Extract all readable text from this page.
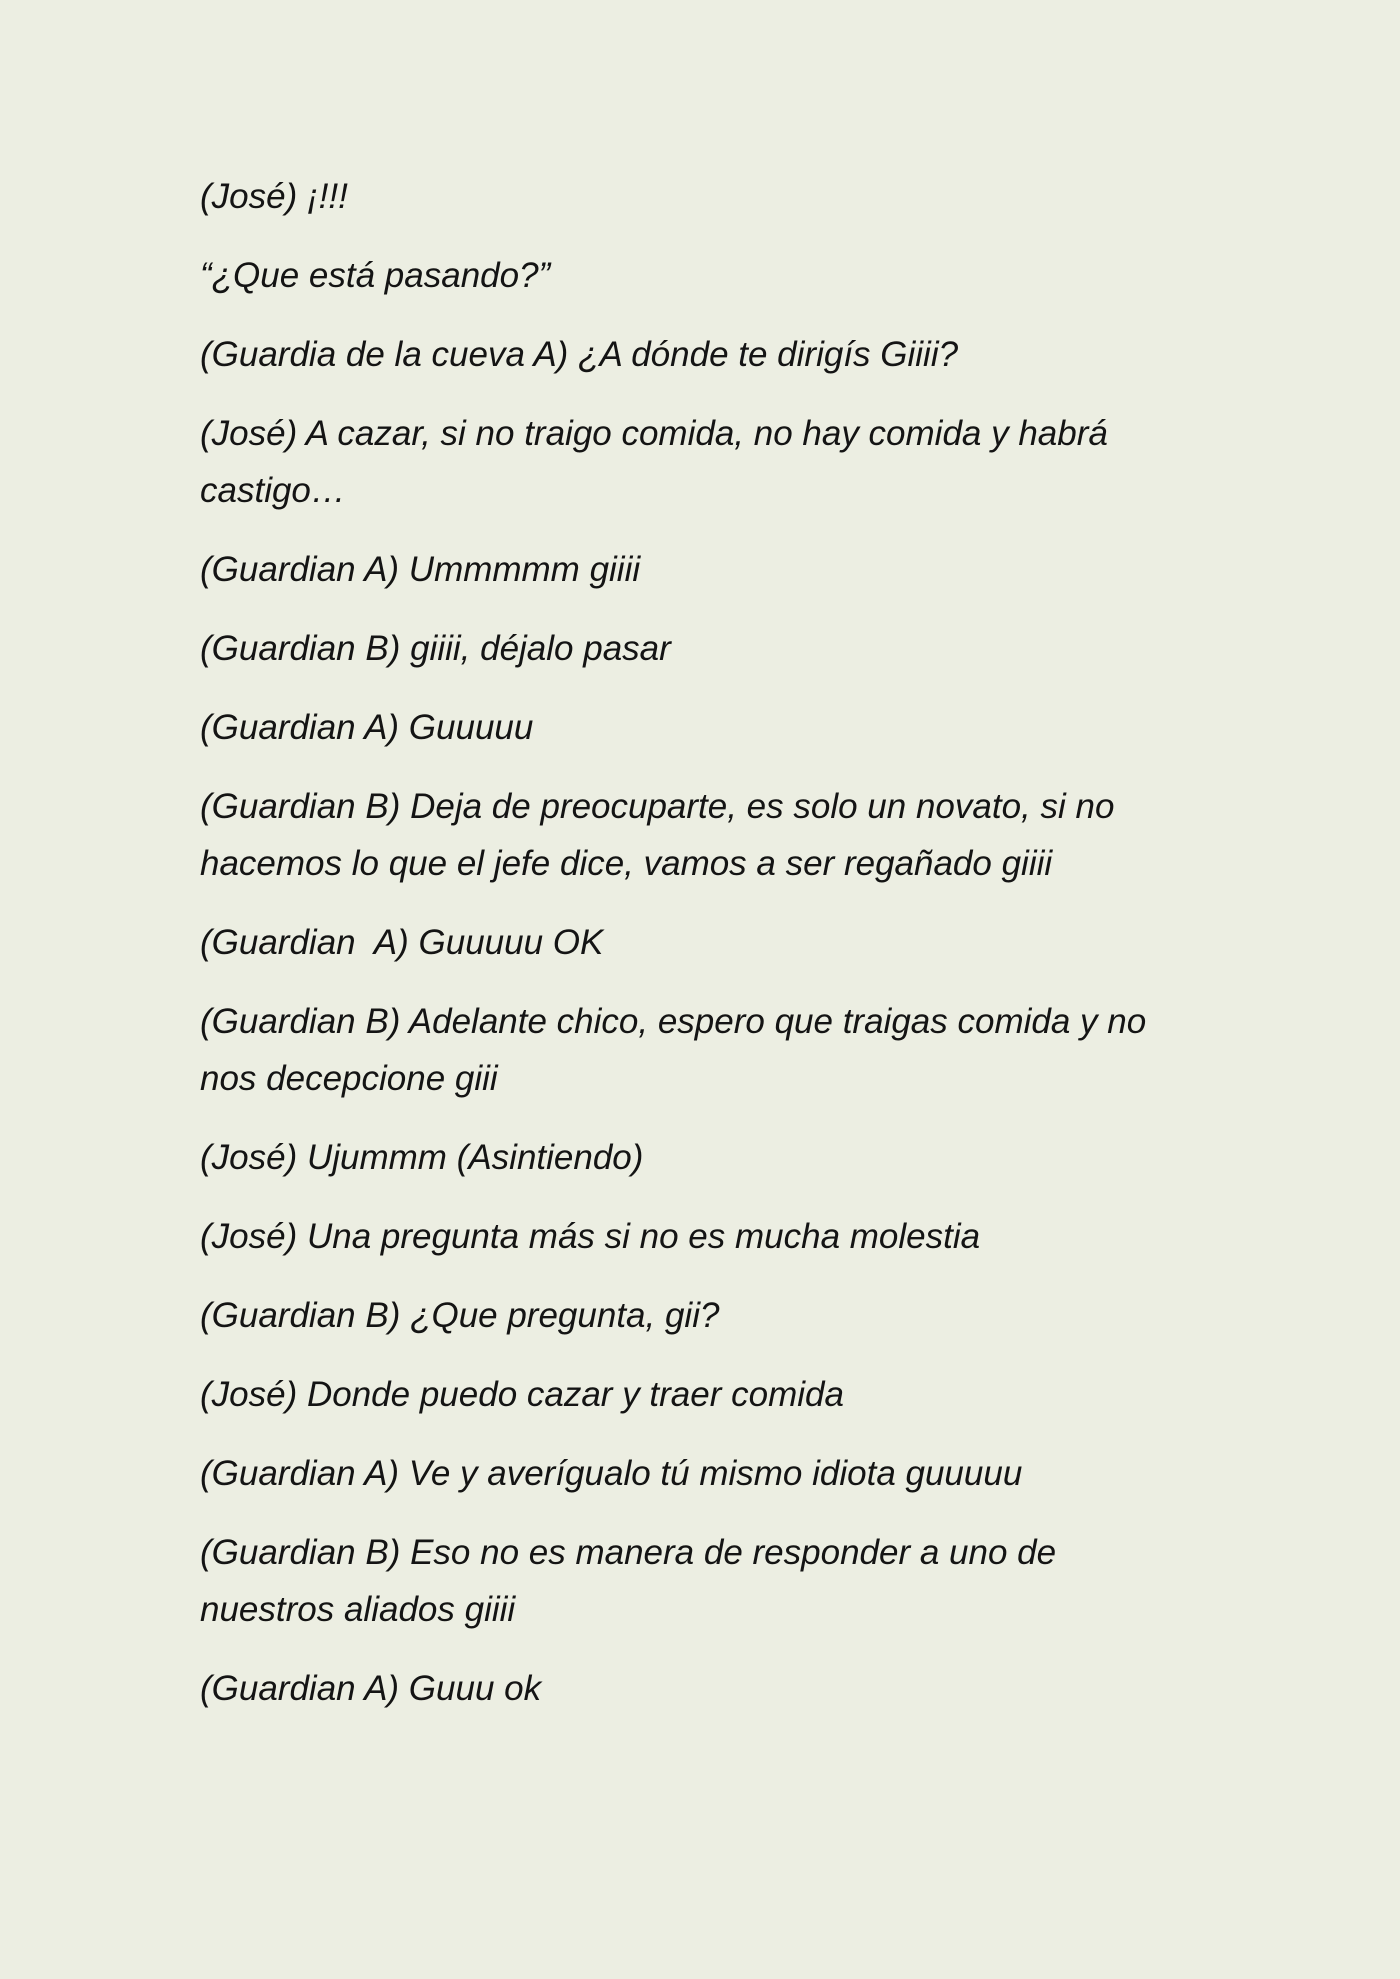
(José) ¡!!!

“¿Que está pasando?”

(Guardia de la cueva A) ¿A dónde te dirigís Giiii?

(José) A cazar, si no traigo comida, no hay comida y habrá
castigo…

(Guardian A) Ummmmm giiii

(Guardian B) giiii, déjalo pasar

(Guardian A) Guuuuu

(Guardian B) Deja de preocuparte, es solo un novato, si no
hacemos lo que el jefe dice, vamos a ser regañado giiii

(Guardian  A) Guuuuu OK

(Guardian B) Adelante chico, espero que traigas comida y no
nos decepcione giii

(José) Ujummm (Asintiendo)

(José) Una pregunta más si no es mucha molestia

(Guardian B) ¿Que pregunta, gii?

(José) Donde puedo cazar y traer comida

(Guardian A) Ve y averígualo tú mismo idiota guuuuu

(Guardian B) Eso no es manera de responder a uno de
nuestros aliados giiii

(Guardian A) Guuu ok
